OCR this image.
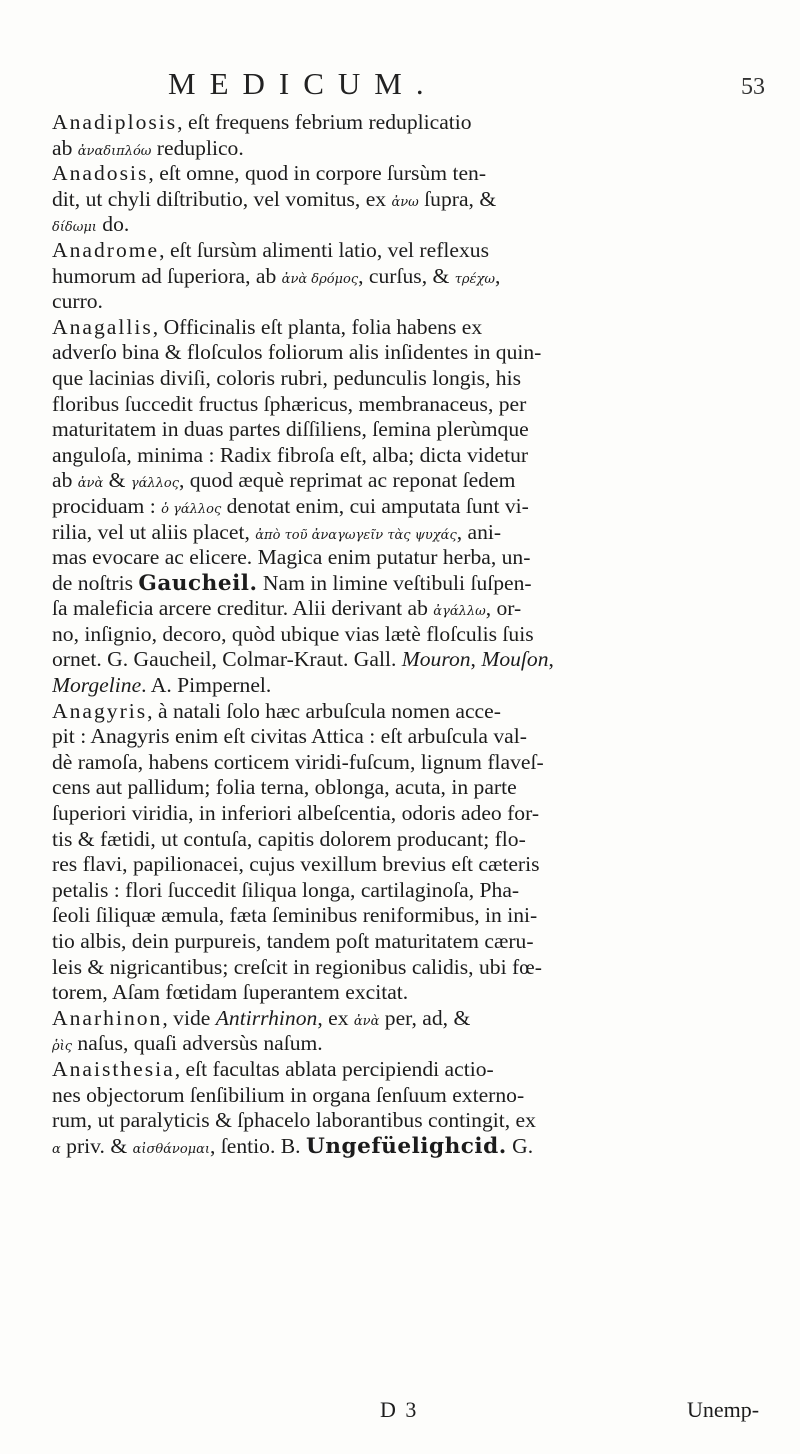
MEDICUM.	53
Anadiplosis, eſt frequens febrium reduplicatio
ab ἀναδιπλόω reduplico.
Anadosis, eſt omne, quod in corpore ſursùm ten-
dit, ut chyli diſtributio, vel vomitus, ex ἀνω ſupra, &
δίδωμι do.
Anadrome, eſt ſursùm alimenti latio, vel reflexus
humorum ad ſuperiora, ab ἀνὰ δρόμος, curſus, & τρέχω,
curro.
Anagallis, Officinalis eſt planta, folia habens ex
adverſo bina & floſculos foliorum alis inſidentes in quin-
que lacinias diviſi, coloris rubri, pedunculis longis, his
floribus ſuccedit fructus ſphæricus, membranaceus, per
maturitatem in duas partes diſſiliens, ſemina plerùmque
anguloſa, minima : Radix fibroſa eſt, alba; dicta videtur
ab ἀνὰ & γάλλος, quod æquè reprimat ac reponat ſedem
prociduam : ὁ γάλλος denotat enim, cui amputata ſunt vi-
rilia, vel ut aliis placet, ἀπὸ τοῦ ἀναγωγεῖν τὰς ψυχάς, ani-
mas evocare ac elicere. Magica enim putatur herba, un-
de noſtris Gaucheil. Nam in limine veſtibuli ſuſpen-
ſa maleficia arcere creditur. Alii derivant ab ἀγάλλω, or-
no, inſignio, decoro, quòd ubique vias lætè floſculis ſuis
ornet. G. Gaucheil, Colmar-Kraut. Gall. Mouron, Mouſon,
Morgeline. A. Pimpernel.
Anagyris, à natali ſolo hæc arbuſcula nomen acce-
pit : Anagyris enim eſt civitas Attica : eſt arbuſcula val-
dè ramoſa, habens corticem viridi-fuſcum, lignum flaveſ-
cens aut pallidum; folia terna, oblonga, acuta, in parte
ſuperiori viridia, in inferiori albeſcentia, odoris adeo for-
tis & fætidi, ut contuſa, capitis dolorem producant; flo-
res flavi, papilionacei, cujus vexillum brevius eſt cæteris
petalis : flori ſuccedit ſiliqua longa, cartilaginoſa, Pha-
ſeoli ſiliquæ æmula, fæta ſeminibus reniformibus, in ini-
tio albis, dein purpureis, tandem poſt maturitatem cæru-
leis & nigricantibus; creſcit in regionibus calidis, ubi fœ-
torem, Aſam fœtidam ſuperantem excitat.
Anarhinon, vide Antirrhinon, ex ἀνὰ per, ad, &
ῥὶς naſus, quaſi adversùs naſum.
Anaisthesia, eſt facultas ablata percipiendi actio-
nes objectorum ſenſibilium in organa ſenſuum externo-
rum, ut paralyticis & ſphacelo laborantibus contingit, ex
α priv. & αἰσθάνομαι, ſentio. B. Ungefüelighcid. G.
D 3	Unemp-
